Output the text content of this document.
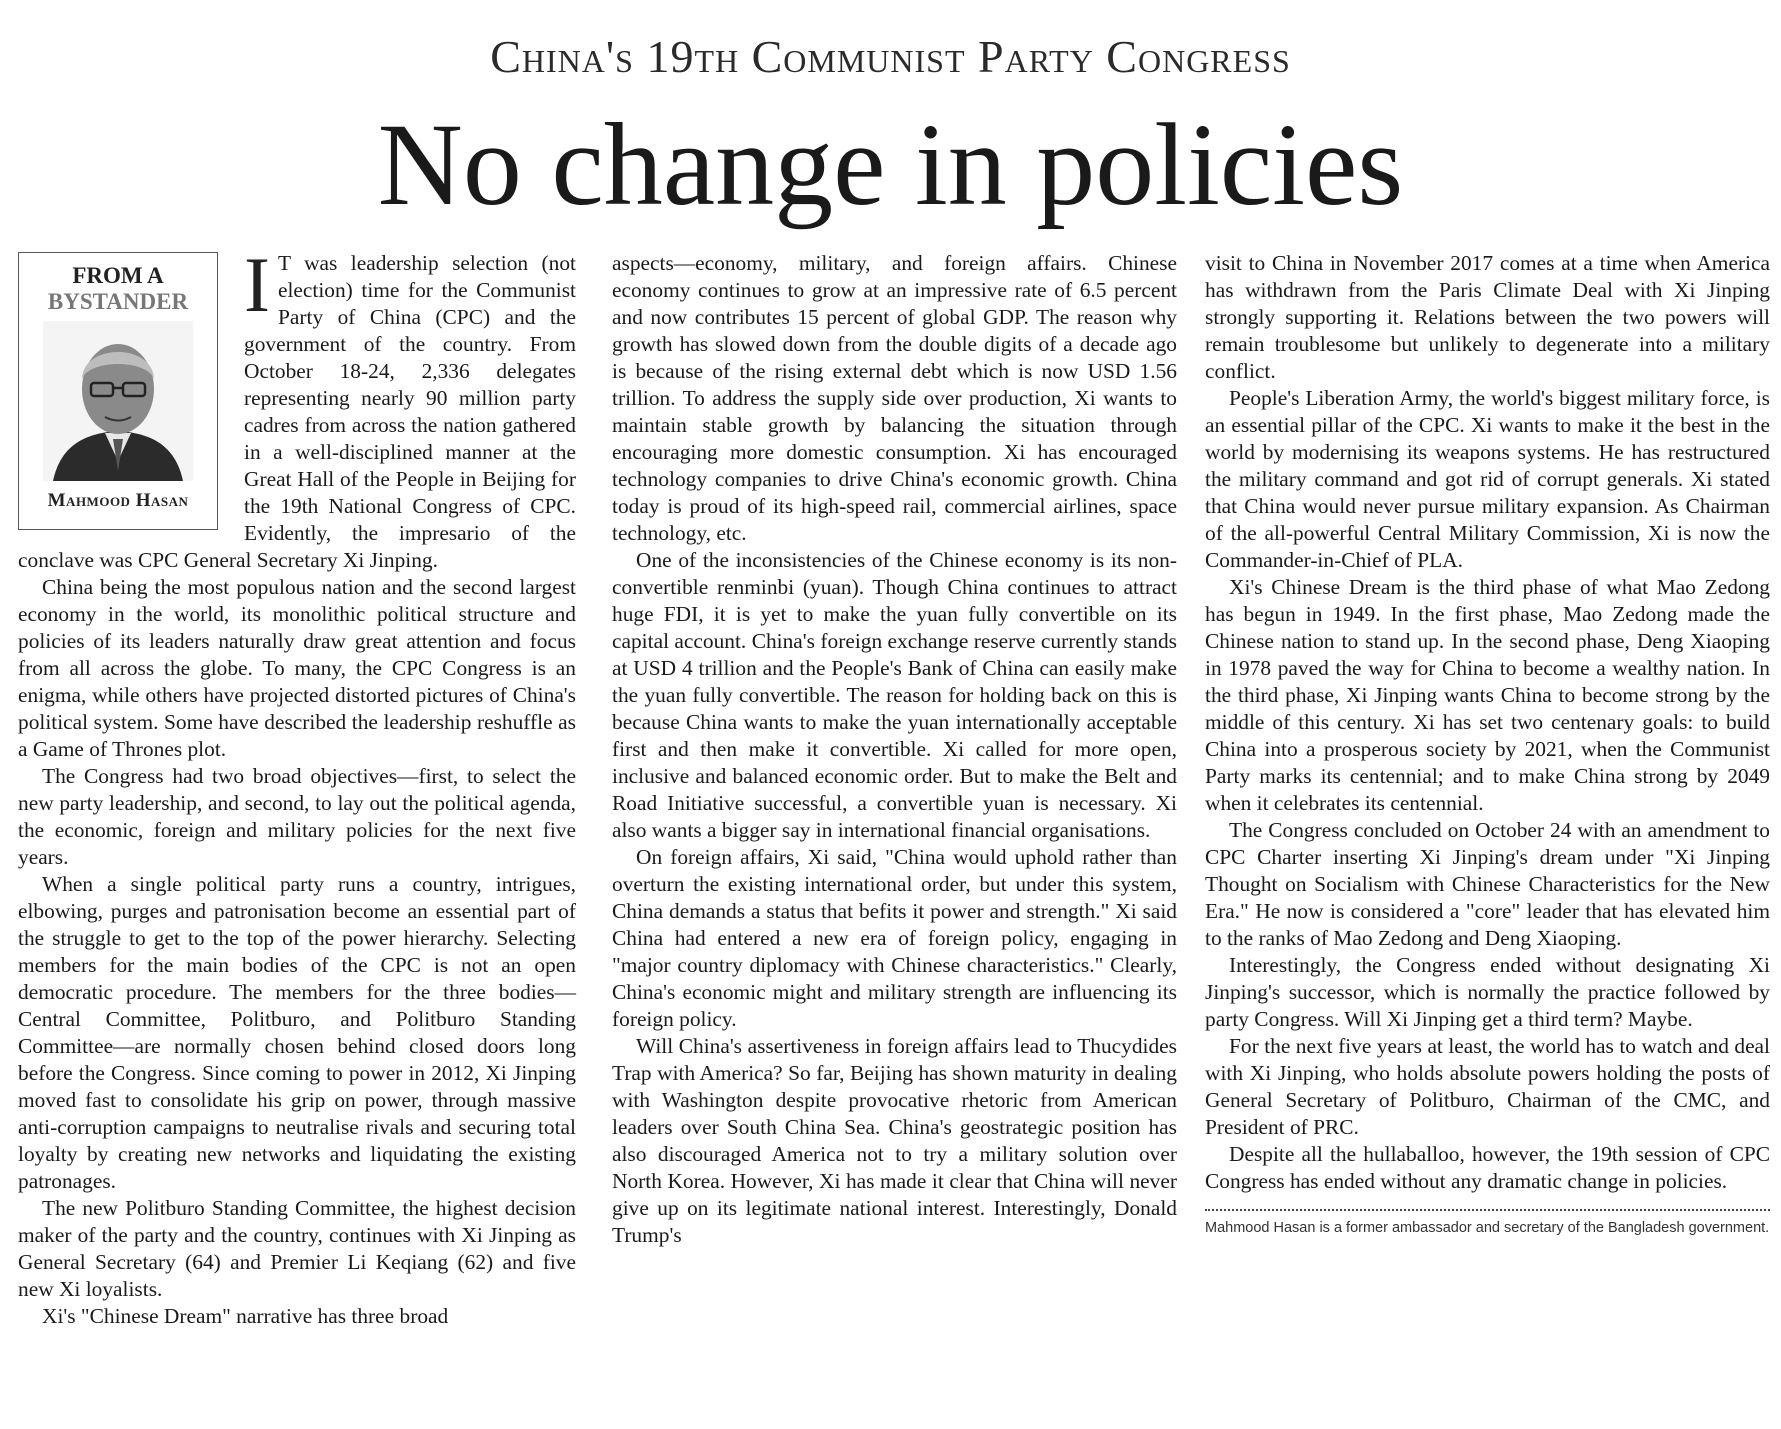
China's 19th Communist Party Congress
No change in policies
FROM A
BYSTANDER
Mahmood Hasan
I T was leadership selection (not election) time for the Communist Party of China (CPC) and the government of the country. From October 18-24, 2,336 delegates representing nearly 90 million party cadres from across the nation gathered in a well-disciplined manner at the Great Hall of the People in Beijing for the 19th National Congress of CPC. Evidently, the impresario of the conclave was CPC General Secretary Xi Jinping.

China being the most populous nation and the second largest economy in the world, its monolithic political structure and policies of its leaders naturally draw great attention and focus from all across the globe. To many, the CPC Congress is an enigma, while others have projected distorted pictures of China's political system. Some have described the leadership reshuffle as a Game of Thrones plot.

The Congress had two broad objectives—first, to select the new party leadership, and second, to lay out the political agenda, the economic, foreign and military policies for the next five years.

When a single political party runs a country, intrigues, elbowing, purges and patronisation become an essential part of the struggle to get to the top of the power hierarchy. Selecting members for the main bodies of the CPC is not an open democratic procedure. The members for the three bodies—Central Committee, Politburo, and Politburo Standing Committee—are normally chosen behind closed doors long before the Congress. Since coming to power in 2012, Xi Jinping moved fast to consolidate his grip on power, through massive anti-corruption campaigns to neutralise rivals and securing total loyalty by creating new networks and liquidating the existing patronages.

The new Politburo Standing Committee, the highest decision maker of the party and the country, continues with Xi Jinping as General Secretary (64) and Premier Li Keqiang (62) and five new Xi loyalists.

Xi's "Chinese Dream" narrative has three broad

aspects—economy, military, and foreign affairs. Chinese economy continues to grow at an impressive rate of 6.5 percent and now contributes 15 percent of global GDP. The reason why growth has slowed down from the double digits of a decade ago is because of the rising external debt which is now USD 1.56 trillion. To address the supply side over production, Xi wants to maintain stable growth by balancing the situation through encouraging more domestic consumption. Xi has encouraged technology companies to drive China's economic growth. China today is proud of its high-speed rail, commercial airlines, space technology, etc.

One of the inconsistencies of the Chinese economy is its non-convertible renminbi (yuan). Though China continues to attract huge FDI, it is yet to make the yuan fully convertible on its capital account. China's foreign exchange reserve currently stands at USD 4 trillion and the People's Bank of China can easily make the yuan fully convertible. The reason for holding back on this is because China wants to make the yuan internationally acceptable first and then make it convertible. Xi called for more open, inclusive and balanced economic order. But to make the Belt and Road Initiative successful, a convertible yuan is necessary. Xi also wants a bigger say in international financial organisations.

On foreign affairs, Xi said, "China would uphold rather than overturn the existing international order, but under this system, China demands a status that befits it power and strength." Xi said China had entered a new era of foreign policy, engaging in "major country diplomacy with Chinese characteristics." Clearly, China's economic might and military strength are influencing its foreign policy.

Will China's assertiveness in foreign affairs lead to Thucydides Trap with America? So far, Beijing has shown maturity in dealing with Washington despite provocative rhetoric from American leaders over South China Sea. China's geostrategic position has also discouraged America not to try a military solution over North Korea. However, Xi has made it clear that China will never give up on its legitimate national interest. Interestingly, Donald Trump's

visit to China in November 2017 comes at a time when America has withdrawn from the Paris Climate Deal with Xi Jinping strongly supporting it. Relations between the two powers will remain troublesome but unlikely to degenerate into a military conflict.

People's Liberation Army, the world's biggest military force, is an essential pillar of the CPC. Xi wants to make it the best in the world by modernising its weapons systems. He has restructured the military command and got rid of corrupt generals. Xi stated that China would never pursue military expansion. As Chairman of the all-powerful Central Military Commission, Xi is now the Commander-in-Chief of PLA.

Xi's Chinese Dream is the third phase of what Mao Zedong has begun in 1949. In the first phase, Mao Zedong made the Chinese nation to stand up. In the second phase, Deng Xiaoping in 1978 paved the way for China to become a wealthy nation. In the third phase, Xi Jinping wants China to become strong by the middle of this century. Xi has set two centenary goals: to build China into a prosperous society by 2021, when the Communist Party marks its centennial; and to make China strong by 2049 when it celebrates its centennial.

The Congress concluded on October 24 with an amendment to CPC Charter inserting Xi Jinping's dream under "Xi Jinping Thought on Socialism with Chinese Characteristics for the New Era." He now is considered a "core" leader that has elevated him to the ranks of Mao Zedong and Deng Xiaoping.

Interestingly, the Congress ended without designating Xi Jinping's successor, which is normally the practice followed by party Congress. Will Xi Jinping get a third term? Maybe.

For the next five years at least, the world has to watch and deal with Xi Jinping, who holds absolute powers holding the posts of General Secretary of Politburo, Chairman of the CMC, and President of PRC.

Despite all the hullaballoo, however, the 19th session of CPC Congress has ended without any dramatic change in policies.

Mahmood Hasan is a former ambassador and secretary of the Bangladesh government.
